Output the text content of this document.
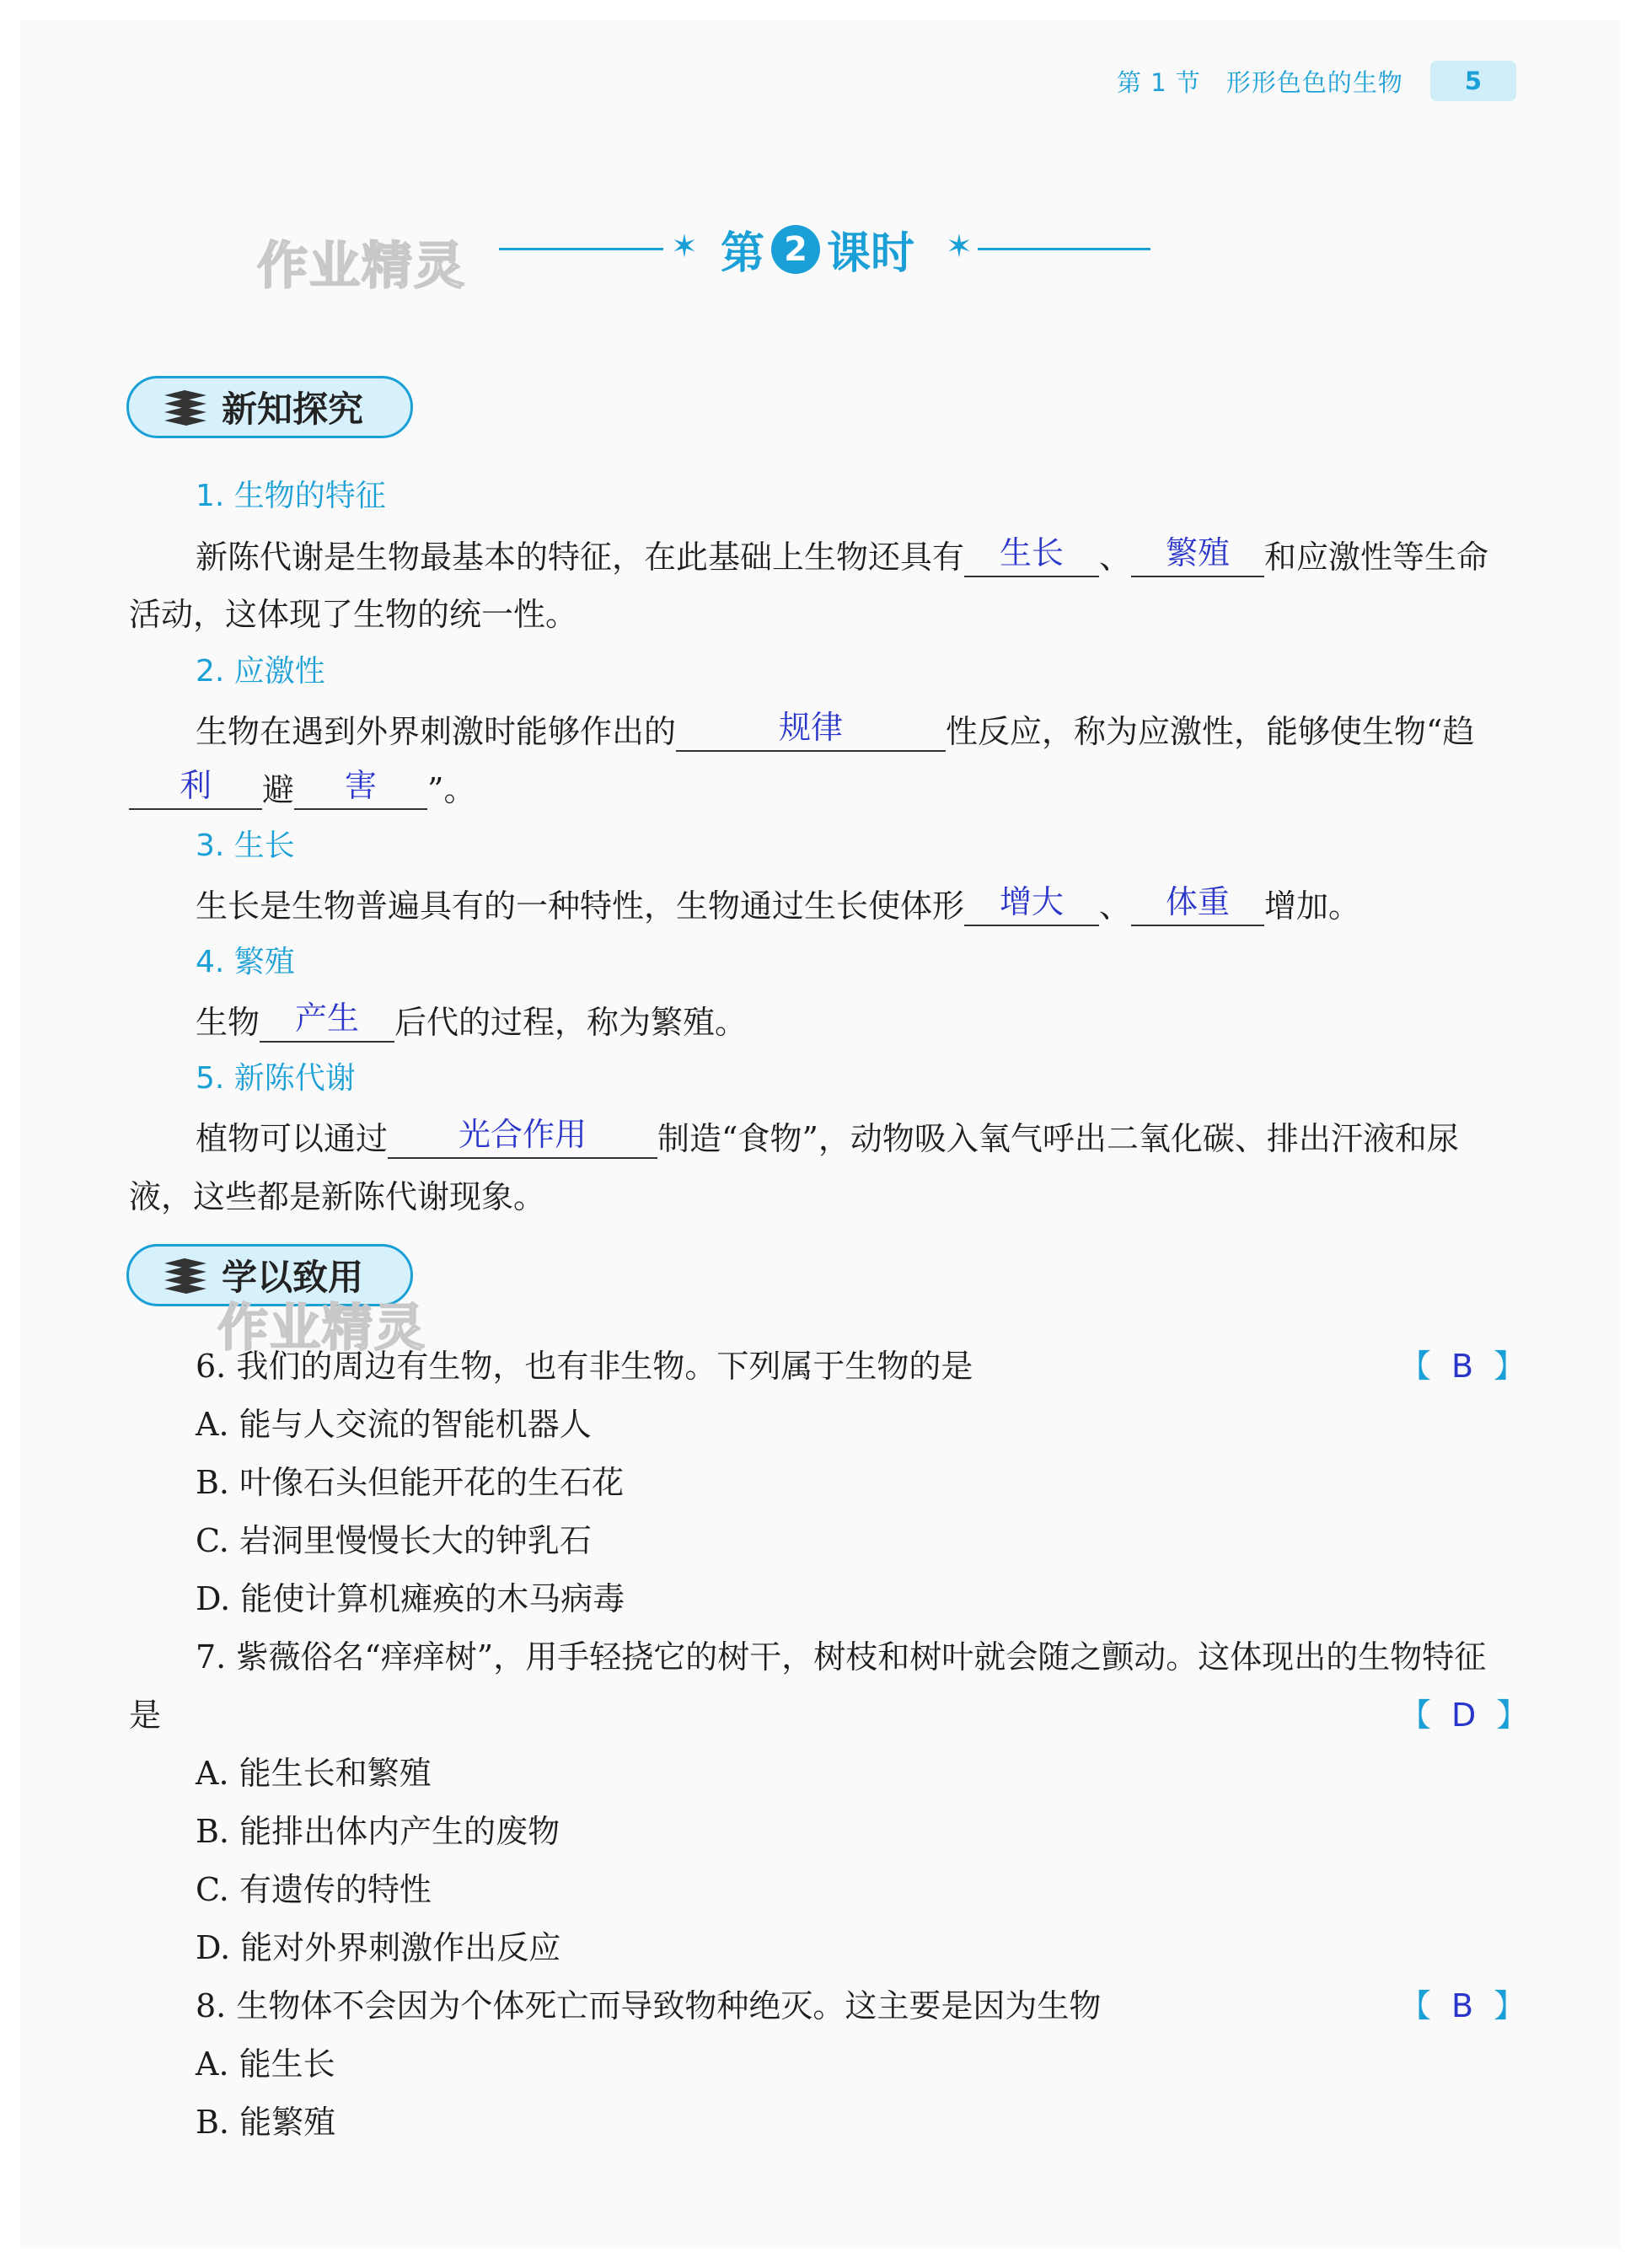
第 1 节　形形色色的生物	5
作业精灵	✶ 第 2 课时 ✶
新知探究
1. 生物的特征
新陈代谢是生物最基本的特征，在此基础上生物还具有	生长	、	繁殖	和应激性等生命
活动，这体现了生物的统一性。
2. 应激性
生物在遇到外界刺激时能够作出的	规律	性反应，称为应激性，能够使生物“趋
利	避	害	”。
3. 生长
生长是生物普遍具有的一种特性，生物通过生长使体形	增大	、	体重	增加。
4. 繁殖
生物	产生	后代的过程，称为繁殖。
5. 新陈代谢
植物可以通过	光合作用	制造“食物”，动物吸入氧气呼出二氧化碳、排出汗液和尿
液，这些都是新陈代谢现象。
学以致用
作业精灵
6. 我们的周边有生物，也有非生物。下列属于生物的是	【 B 】
A. 能与人交流的智能机器人
B. 叶像石头但能开花的生石花
C. 岩洞里慢慢长大的钟乳石
D. 能使计算机瘫痪的木马病毒
7. 紫薇俗名“痒痒树”，用手轻挠它的树干，树枝和树叶就会随之颤动。这体现出的生物特征
是	【 D 】
A. 能生长和繁殖
B. 能排出体内产生的废物
C. 有遗传的特性
D. 能对外界刺激作出反应
8. 生物体不会因为个体死亡而导致物种绝灭。这主要是因为生物	【 B 】
A. 能生长
B. 能繁殖
